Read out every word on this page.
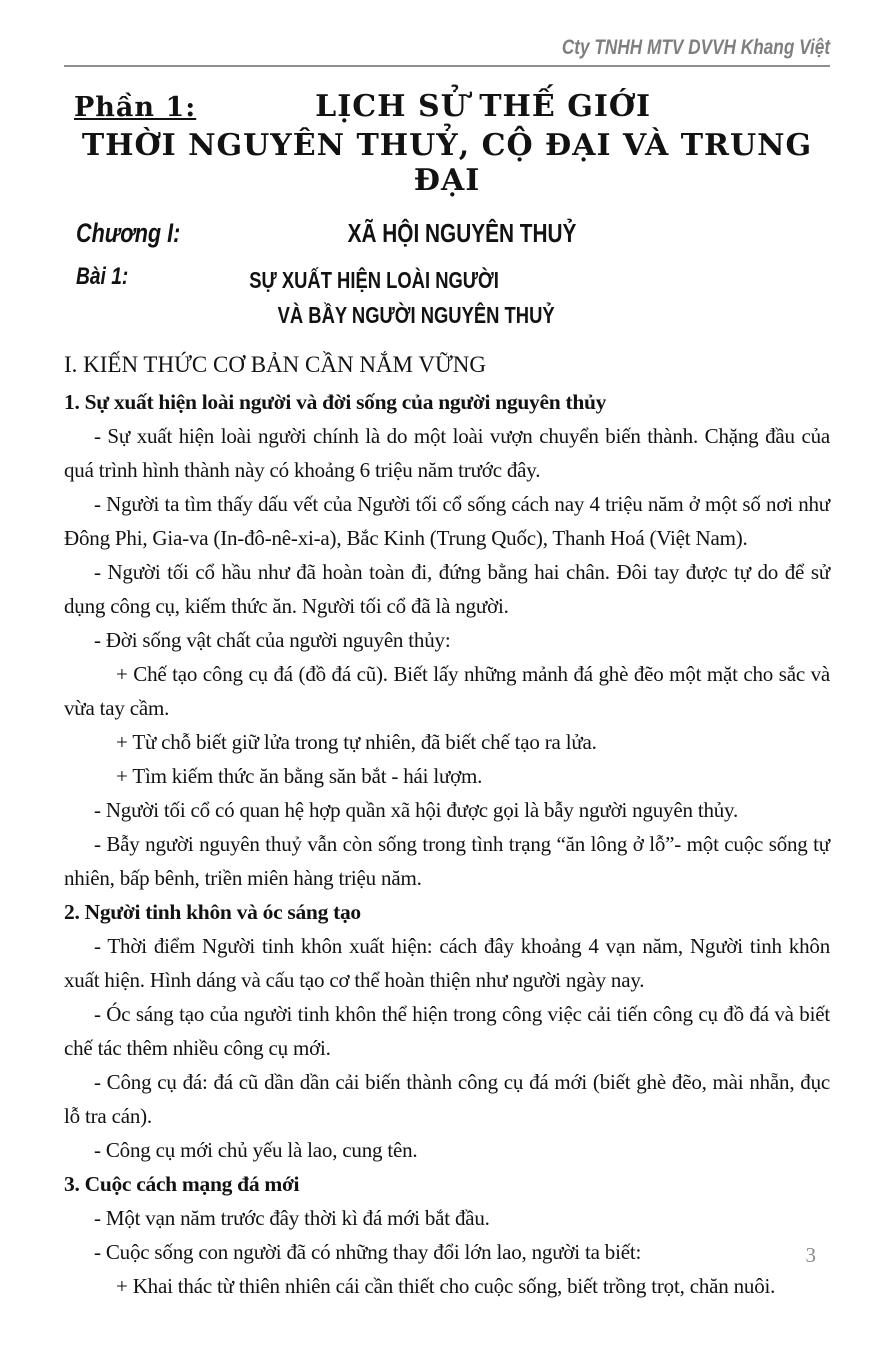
Cty TNHH MTV DVVH Khang Việt
Phần 1:	LỊCH SỬ THẾ GIỚI
THỜI NGUYÊN THUỶ, CỘ ĐẠI VÀ TRUNG ĐẠI
Chương I:	XÃ HỘI NGUYÊN THUỶ
Bài 1:	SỰ XUẤT HIỆN LOÀI NGƯỜI
VÀ BẦY NGƯỜI NGUYÊN THUỶ
I. KIẾN THỨC CƠ BẢN CẦN NẮM VỮNG
1. Sự xuất hiện loài người và đời sống của người nguyên thủy

- Sự xuất hiện loài người chính là do một loài vượn chuyển biến thành. Chặng đầu của quá trình hình thành này có khoảng 6 triệu năm trước đây.

- Người ta tìm thấy dấu vết của Người tối cổ sống cách nay 4 triệu năm ở một số nơi như Đông Phi, Gia-va (In-đô-nê-xi-a), Bắc Kinh (Trung Quốc), Thanh Hoá (Việt Nam).

- Người tối cổ hầu như đã hoàn toàn đi, đứng bằng hai chân. Đôi tay được tự do để sử dụng công cụ, kiếm thức ăn. Người tối cổ đã là người.

- Đời sống vật chất của người nguyên thủy:

+ Chế tạo công cụ đá (đồ đá cũ). Biết lấy những mảnh đá ghè đẽo một mặt cho sắc và vừa tay cầm.

+ Từ chỗ biết giữ lửa trong tự nhiên, đã biết chế tạo ra lửa.

+ Tìm kiếm thức ăn bằng săn bắt - hái lượm.

- Người tối cổ có quan hệ hợp quần xã hội được gọi là bẫy người nguyên thủy.

- Bẫy người nguyên thuỷ vẫn còn sống trong tình trạng “ăn lông ở lỗ”- một cuộc sống tự nhiên, bấp bênh, triền miên hàng triệu năm.

2. Người tinh khôn và óc sáng tạo

- Thời điểm Người tinh khôn xuất hiện: cách đây khoảng 4 vạn năm, Người tinh khôn xuất hiện. Hình dáng và cấu tạo cơ thể hoàn thiện như người ngày nay.

- Óc sáng tạo của người tinh khôn thể hiện trong công việc cải tiến công cụ đồ đá và biết chế tác thêm nhiều công cụ mới.

- Công cụ đá: đá cũ dần dần cải biến thành công cụ đá mới (biết ghè đẽo, mài nhẵn, đục lỗ tra cán).

- Công cụ mới chủ yếu là lao, cung tên.

3. Cuộc cách mạng đá mới

- Một vạn năm trước đây thời kì đá mới bắt đầu.

- Cuộc sống con người đã có những thay đổi lớn lao, người ta biết:

+ Khai thác từ thiên nhiên cái cần thiết cho cuộc sống, biết trồng trọt, chăn nuôi.

3
